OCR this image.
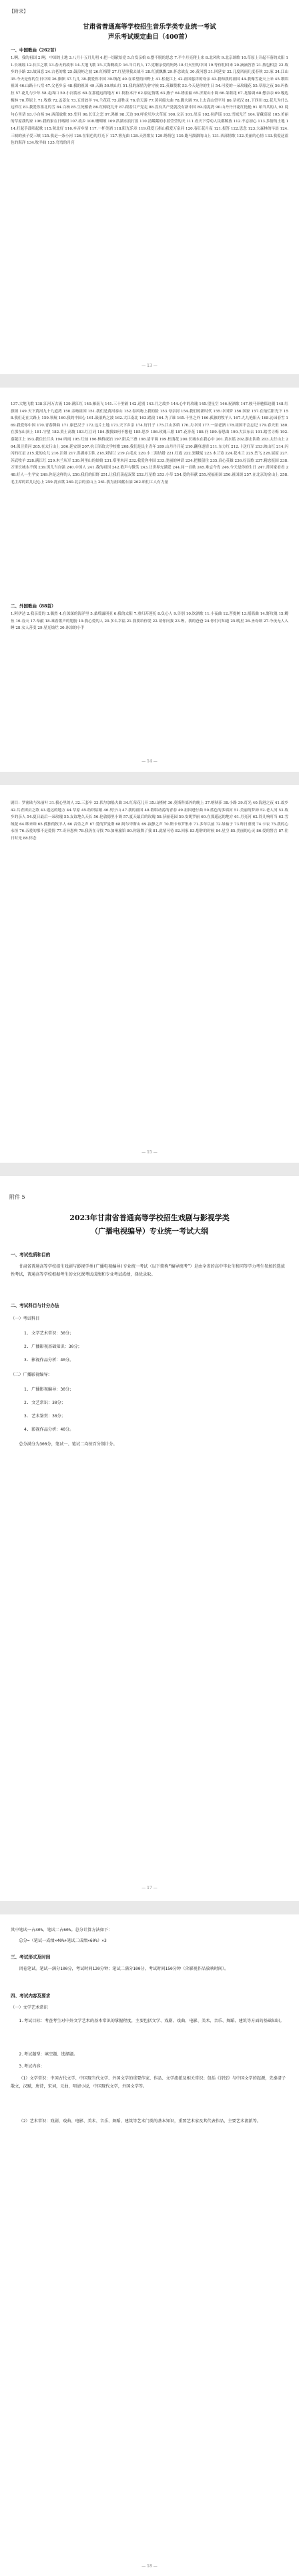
【附录】
甘肃省普通高等学校招生音乐学类专业统一考试
声乐考试规定曲目（400首）
一、中国歌曲（262首）
1.啊，我的祖国 2.啊，中国的土地 3.八月十五月儿明 4.把一切献给党 5.白发亲娘 6.摆不脱的思念 7.半个月亮爬上来 8.北风吹 9.北京颂歌 10.草原上升起不落的太阳 11.长城谣 12.长江之歌 13.春天的故事 14.大地飞歌 15.大海啊故乡 16.当兵的人 17.党啊亲爱的妈妈 18.灯火里的中国 19.等你们回来 20.滴滴答答 21.敖包相会 22.故乡的小路 23.故园恋 24.古老的歌 25.鼓浪屿之波 26.红梅赞 27.红星照我去战斗 28.红旗飘飘 29.怀念战友 30.黄河怨 31.回延安 32.几度风雨几度春秋 33.家 34.江山 35.今天是你的生日中国 36.旗帜 37.九儿 38.我爱你中国 39.绒花 40.在希望的田野上 41.松花江上 42.祖国慈祥的母亲 43.我和我的祖国 44.我像雪花天上来 45.歌唱祖国 46.山路十八弯 47.父老乡亲 48.我的祖国 49.天路 50.映山红 51.我的深情为你守候 52.英雄赞歌 53.今天是你的生日 54.可爱的一朵玫瑰花 55.草原之夜 56.玛依拉 57.花儿与少年 58.走西口 59.小河淌水 60.在那遥远的地方 61.阿拉木汗 62.康定情歌 63.燕子 64.绣金匾 65.沂蒙山小调 66.茉莉花 67.龙船调 68.想亲亲 69.嘎达梅林 70.草原上 71.牧歌 72.孟姜女 73.五哥放羊 74.兰花花 75.赶牲灵 76.信天游 77.黄河船夫曲 78.脚夫调 79.上去高山望平川 80.尕老汉 81.下四川 82.花儿为什么这样红 83.我爱你塞北的雪 84.白杨 85.生死相依 86.红梅花儿开 87.跟着共产党走 88.没有共产党就没有新中国 89.南泥湾 90.山丹丹开花红艳艳 91.咱当兵的人 92.说句心里话 93.小白杨 94.西部放歌 95.望月 96.长江之恋 97.鸿雁 98.天边 99.呼伦贝尔大草原 100.父亲 101.母亲 102.拉萨谣 103.雪域光芒 104.青藏高原 105.美丽的草原我的家 106.我的家在日喀则 107.故乡 108.珊瑚颂 109.洪湖水浪打浪 110.清粼粼的水蓝莹莹的天 111.看天下劳动人民都解放 112.不忘初心 113.多情的土地 114.打起手鼓唱起歌 115.陕北好 116.乡音乡情 117.一杯美酒 118.阳光乐章 119.我爱五指山我爱万泉河 120.春江花月夜 121.报答 122.思念 123.大森林的早晨 124.三峡的孩子爱三峡 125.我是一条小河 126.在银色的月光下 127.渔光曲 128.天涯歌女 129.绣荷包 130.跑马溜溜的山上 131.西部情歌 132.美丽的心情 133.我爱这蓝色的海洋 134.牧羊曲 135.弯弯的月亮
— 13 —
137.大地飞歌 138.江河万古流 139.满江红 140.雁南飞 141.三十里铺 142.送别 143.月之故乡 144.心中的玫瑰 145.望星空 146.祝酒歌 147.骏马奔驰保边疆 148.红旗颂 149.天下黄河九十九道湾 150.亲吻祖国 151.我们是黄河泰山 152.春风吻上我的脸 153.母亲河 154.我们的新时代 155.中国梦 156.国家 157.在灿烂阳光下 158.我们走在大路上 159.领航 160.我的中国心 161.鼓浪屿之波 162.大江南北 163.踏浪 164.为了谁 165.千里之外 166.孤独的牧羊人 167.九九艳阳天 168.沁园春雪 169.我爱你中国 170.青春舞曲 171.康巴汉子 172.这片土地 173.天下乡亲 174.好日子 175.江山多娇 176.大中国 177.一壶老酒 178.祖国不会忘记 179.春天里 180.在那东山顶上 181.守望 182.黄土高坡 183.红豆词 184.教我如何不想他 185.思乡 186.玫瑰三愿 187.花非花 188.问 189.春思曲 190.大江东去 191.踏雪寻梅 192.嘉陵江上 193.我住长江头 194.听雨 195.红烛 196.枫桥夜泊 197.阳关三叠 198.清平调 199.杜鹃花 200.长城永在我心中 201.黄水谣 202.游击队歌 203.太行山上 204.保卫黄河 205.在太行山上 206.延安颂 207.抗日军政大学校歌 208.我们是民主青年 209.山丹丹开花 210.翻身道情 211.东方红 212.十送红军 213.映山红 214.闪闪的红星 215.党的女儿 216.江姐 217.洪湖赤卫队 218.刘胡兰 219.白毛女 220.小二黑结婚 221.红霞 222.窦娥冤 223.木兰诗 224.花木兰 225.岳飞 226.屈原 227.苏武牧羊 228.满江红 229.木兰从军 230.阿里山的姑娘 231.塔里木河 232.我爱你中国 233.美丽的神话 234.把根留住 235.真心英雄 236.好汉歌 237.精忠报国 238.万里长城永不倒 239.男儿当自强 240.中国人 241.我的祖国 242.歌声与微笑 243.让世界充满爱 244.同一首歌 245.难忘今宵 246.今天是你的生日 247.常回家看看 248.好人一生平安 249.你是这样的人 250.我们的田野 251.让我们荡起双桨 252.红星歌 253.小草 254.爱的奉献 255.祝福祖国 256.祖国颂 257.在北京的金山上 258.毛主席的话儿记心上 259.洗衣歌 260.北京的金山上 261.我为祖国献石油 262.咱们工人有力量
二、外国歌曲（88首）
1.阿伊达 2.我亲爱的 3.偶然 4.在深深的海洋里 5.桑塔露琪亚 6.我的太阳 7.重归苏莲托 8.负心人 9.告别 10.饮酒歌 11.小夜曲 12.菩提树 13.摇篮曲 14.野玫瑰 15.鳟鱼 16.春天 17.奉献 18.乘着歌声的翅膀 19.我心爱的人 20.多么幸福 21.我要给你爱 22.请你问我 23.喔，我的爸爸 24.你们可知道 25.晚星 26.圣母颂 27.今夜无人入睡 28.女人善变 29.星光灿烂 30.冰凉的小手
— 14 —
剧目：罗密欧与朱丽叶 31.我心里的人 32.三套车 33.伏尔加船夫曲 34.红莓花儿开 35.山楂树 36.莫斯科郊外的晚上 37.喀秋莎 38.小路 39.灯光 40.海港之夜 41.故乡 42.共青团员之歌 43.遥远的地方 44.草原 45.纺织姑娘 46.列宁山 47.我的祖国 48.歌唱动荡的青春 49.祖国进行曲 50.蓝色的多瑙河 51.美丽的梦神 52.老人河 53.故乡的亲人 54.夏日最后一朵玫瑰 55.友谊地久天长 56.伦敦德里小调 57.夏天最后的玫瑰 58.莎丽花园 59.安妮罗丽 60.在那遥远的地方 61.月亮河 62.铃儿响叮当 63.雪绒花 64.哆来咪 65.孤独的牧羊人 66.音乐之声 67.爱的罗曼斯 68.阿尔卑斯山 69.寂静之声 70.斯卡布罗集市 71.多年以前 72.绿袖子 73.昨日重现 74.卡农 75.我的心永恒 76.亲爱的那不是爱情 77.奇异恩典 78.我仍在寻找 79.加州旅馆 80.你鼓舞了我 81.此情可待 82.回家 83.想你的时候 84.星空 85.美丽的心灵 86.爱的誓言 87.往日时光 88.怀念
— 15 —
附件 5
2023年甘肃省普通高等学校招生戏剧与影视学类
（广播电视编导）专业统一考试大纲
一、考试性质和目的
甘肃省普通高等学校招生戏剧与影视学类(广播电视编导)专业统一考试（以下简称“编导统考”）是由全省的高中毕业生和同等学力考生参加的选拔性考试，普通高等学校根据考生的文化课考试成绩和专业考试成绩，择优录取。
二、考试科目与计分办法
（一）考试科目
1. 文学艺术常识：30分；
2. 广播影视基础知识：30分；
3. 影视作品分析：40分。
（二）广播影视编导：
1. 广播影视编导：30分；
2. 文艺常识：30分；
3. 艺术鉴赏：30分；
4. 影视作品分析：40分。
总分满分为300分，笔试一、笔试二均按百分制计分。
— 17 —
其中笔试一占40%、笔试二占60%。总分计算方法如下：
总分=（笔试一成绩×40%+笔试二成绩×60%）×3
三、考试形式及时间
闭卷笔试。笔试一满分100分，考试时间120分钟；笔试二满分100分，考试时间150分钟（含影视作品放映时间）。
四、考试内容及要求
（一）文学艺术常识
1.考试目标：考查考生对中外文学艺术的基本常识的掌握程度，主要包括文学、戏剧、戏曲、电影、美术、音乐、舞蹈、建筑等方面的基础知识。
2.考试题型：填空题、选择题。
3.考试内容：
（1）文学常识：中国古代文学、中国现当代文学、外国文学的重要作家、作品、文学流派及相关常识；包括《诗经》与中国文学的起源，先秦诸子散文，汉赋，唐诗，宋词，元曲，明清小说，中国现代文学，外国文学等。
（2）艺术常识：戏剧、戏曲、电影、美术、音乐、舞蹈、建筑等艺术门类的基本知识，重要艺术家及其代表作品，主要艺术流派等。
— 18 —
